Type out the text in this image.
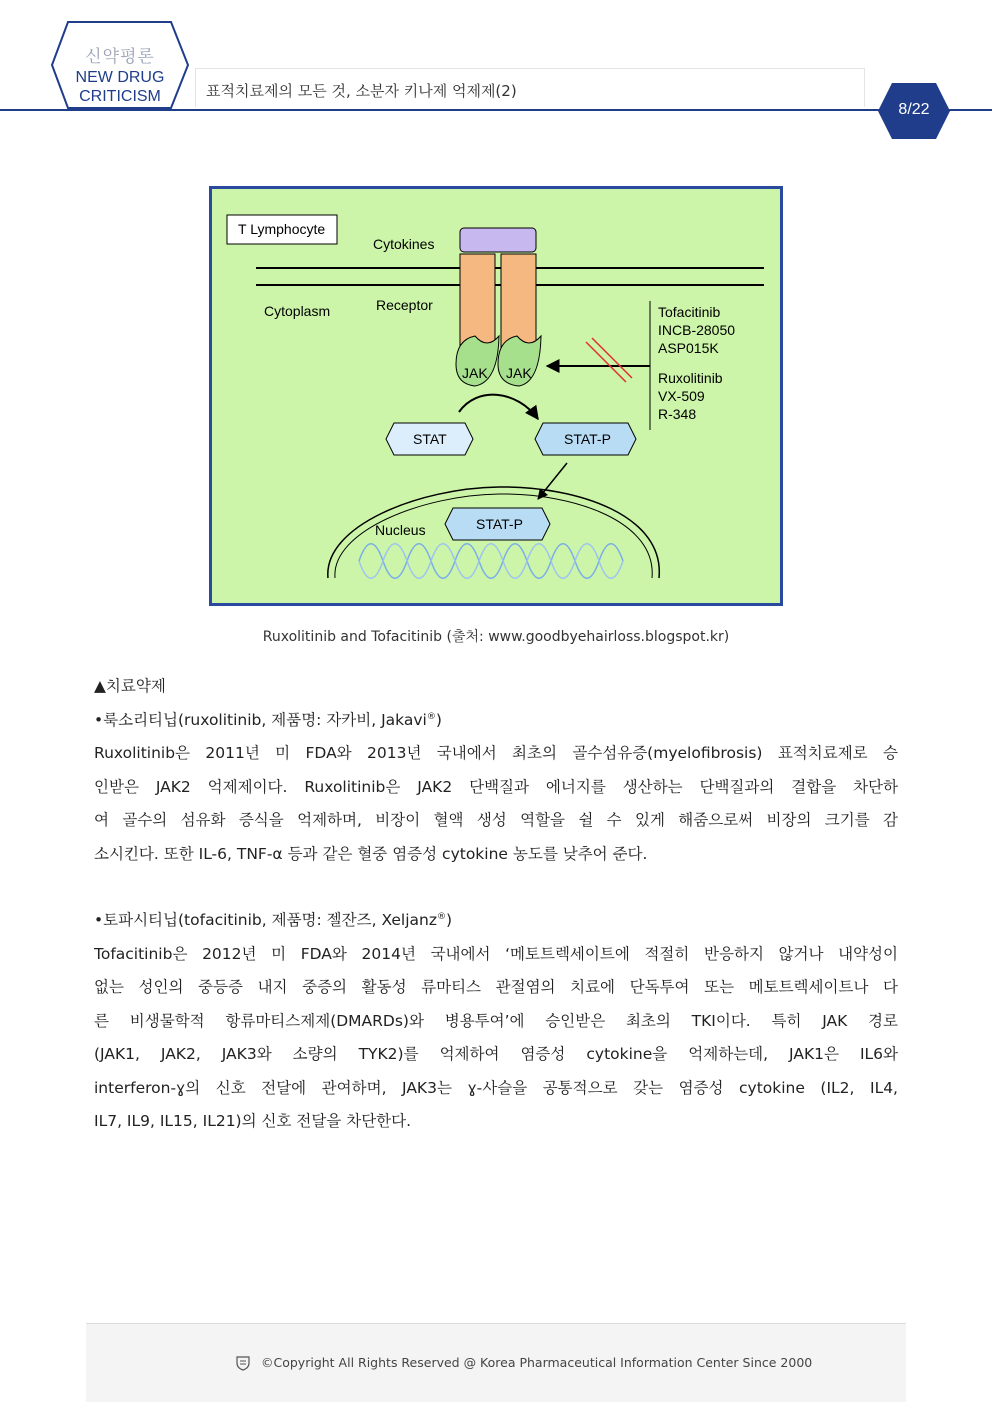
신약평론
NEW DRUG
CRITICISM	표적치료제의 모든 것, 소분자 키나제 억제제(2)
8/22
T Lymphocyte
Cytokines
Receptor
Cytoplasm
JAK JAK
Tofacitinib INCB-28050 ASP015K
Ruxolitinib VX-509 R-348
STAT	STAT-P
Nucleus	STAT-P
Ruxolitinib and Tofacitinib (출처: www.goodbyehairloss.blogspot.kr)
▲치료약제
•룩소리티닙(ruxolitinib, 제품명: 자카비, Jakavi®)
Ruxolitinib은 2011년 미 FDA와 2013년 국내에서 최초의 골수섬유증(myelofibrosis) 표적치료제로 승
인받은 JAK2 억제제이다. Ruxolitinib은 JAK2 단백질과 에너지를 생산하는 단백질과의 결합을 차단하
여 골수의 섬유화 증식을 억제하며, 비장이 혈액 생성 역할을 쉴 수 있게 해줌으로써 비장의 크기를 감
소시킨다. 또한 IL-6, TNF-α 등과 같은 혈중 염증성 cytokine 농도를 낮추어 준다.
•토파시티닙(tofacitinib, 제품명: 젤잔즈, Xeljanz®)
Tofacitinib은 2012년 미 FDA와 2014년 국내에서 ‘메토트렉세이트에 적절히 반응하지 않거나 내약성이
없는 성인의 중등증 내지 중증의 활동성 류마티스 관절염의 치료에 단독투여 또는 메토트렉세이트나 다
른 비생물학적 항류마티스제제(DMARDs)와 병용투여’에 승인받은 최초의 TKI이다. 특히 JAK 경로
(JAK1, JAK2, JAK3와 소량의 TYK2)를 억제하여 염증성 cytokine을 억제하는데, JAK1은 IL6와
interferon-ɣ의 신호 전달에 관여하며, JAK3는 ɣ-사슬을 공통적으로 갖는 염증성 cytokine (IL2, IL4,
IL7, IL9, IL15, IL21)의 신호 전달을 차단한다.
©Copyright All Rights Reserved @ Korea Pharmaceutical Information Center Since 2000
